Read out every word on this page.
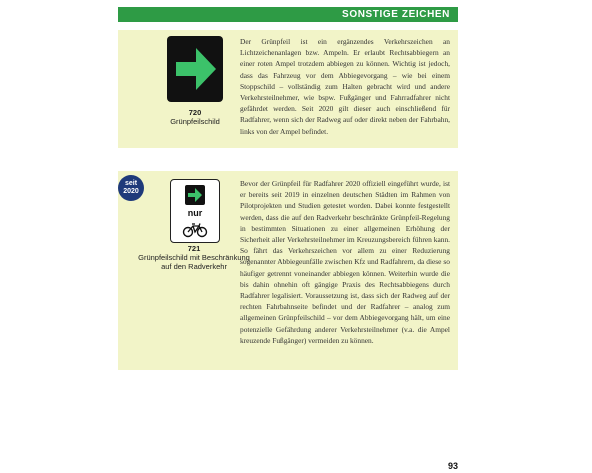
SONSTIGE ZEICHEN
720
Grünpfeilschild
Der Grünpfeil ist ein ergänzendes Verkehrszeichen an Lichtzeichenanlagen bzw. Ampeln. Er erlaubt Rechtsabbiegern an einer roten Ampel trotzdem abbiegen zu können. Wichtig ist jedoch, dass das Fahrzeug vor dem Abbiegevorgang – wie bei einem Stoppschild – vollständig zum Halten gebracht wird und andere Verkehrsteilnehmer, wie bspw. Fußgänger und Fahrradfahrer nicht gefährdet werden. Seit 2020 gilt dieser auch einschließend für Radfahrer, wenn sich der Radweg auf oder direkt neben der Fahrbahn, links von der Ampel befindet.
seit
2020
nur
721
Grünpfeilschild mit Beschränkung auf den Radverkehr
Bevor der Grünpfeil für Radfahrer 2020 offiziell eingeführt wurde, ist er bereits seit 2019 in einzelnen deutschen Städten im Rahmen von Pilotprojekten und Studien getestet worden. Dabei konnte festgestellt werden, dass die auf den Radverkehr beschränkte Grünpfeil-Regelung in bestimmten Situationen zu einer allgemeinen Erhöhung der Sicherheit aller Verkehrsteilnehmer im Kreuzungsbereich führen kann. So fährt das Verkehrszeichen vor allem zu einer Reduzierung sogenannter Abbiegeunfälle zwischen Kfz und Radfahrern, da diese so häufiger getrennt voneinander abbiegen können. Weiterhin wurde die bis dahin ohnehin oft gängige Praxis des Rechtsabbiegens durch Radfahrer legalisiert. Voraussetzung ist, dass sich der Radweg auf der rechten Fahrbahnseite befindet und der Radfahrer – analog zum allgemeinen Grünpfeilschild – vor dem Abbiegevorgang hält, um eine potenzielle Gefährdung anderer Verkehrsteilnehmer (v.a. die Ampel kreuzende Fußgänger) vermeiden zu können.
93
